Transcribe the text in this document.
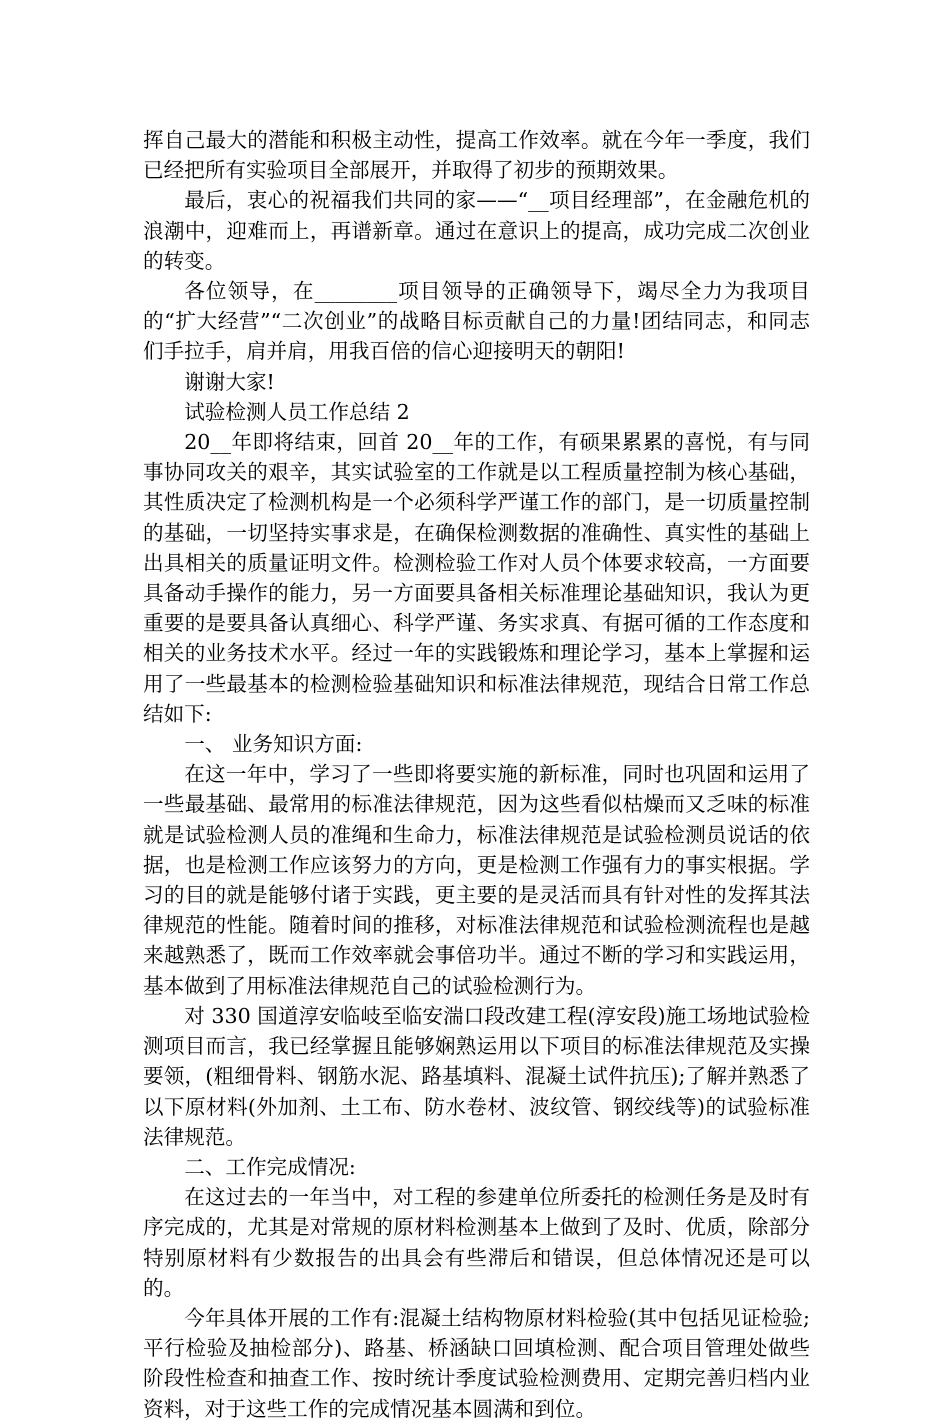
挥自己最大的潜能和积极主动性，提高工作效率。就在今年一季度，我们已经把所有实验项目全部展开，并取得了初步的预期效果。

最后，衷心的祝福我们共同的家——“__项目经理部”，在金融危机的浪潮中，迎难而上，再谱新章。通过在意识上的提高，成功完成二次创业的转变。

各位领导，在________项目领导的正确领导下，竭尽全力为我项目的“扩大经营”“二次创业”的战略目标贡献自己的力量!团结同志，和同志们手拉手，肩并肩，用我百倍的信心迎接明天的朝阳!

谢谢大家!

试验检测人员工作总结 2

20__年即将结束，回首 20__年的工作，有硕果累累的喜悦，有与同事协同攻关的艰辛，其实试验室的工作就是以工程质量控制为核心基础，其性质决定了检测机构是一个必须科学严谨工作的部门，是一切质量控制的基础，一切坚持实事求是，在确保检测数据的准确性、真实性的基础上出具相关的质量证明文件。检测检验工作对人员个体要求较高，一方面要具备动手操作的能力，另一方面要具备相关标准理论基础知识，我认为更重要的是要具备认真细心、科学严谨、务实求真、有据可循的工作态度和相关的业务技术水平。经过一年的实践锻炼和理论学习，基本上掌握和运用了一些最基本的检测检验基础知识和标准法律规范，现结合日常工作总结如下:

一、 业务知识方面:

在这一年中，学习了一些即将要实施的新标准，同时也巩固和运用了一些最基础、最常用的标准法律规范，因为这些看似枯燥而又乏味的标准就是试验检测人员的准绳和生命力，标准法律规范是试验检测员说话的依据，也是检测工作应该努力的方向，更是检测工作强有力的事实根据。学习的目的就是能够付诸于实践，更主要的是灵活而具有针对性的发挥其法律规范的性能。随着时间的推移，对标准法律规范和试验检测流程也是越来越熟悉了，既而工作效率就会事倍功半。通过不断的学习和实践运用，基本做到了用标准法律规范自己的试验检测行为。

对 330 国道淳安临岐至临安湍口段改建工程(淳安段)施工场地试验检测项目而言，我已经掌握且能够娴熟运用以下项目的标准法律规范及实操要领，(粗细骨料、钢筋水泥、路基填料、混凝土试件抗压);了解并熟悉了以下原材料(外加剂、土工布、防水卷材、波纹管、钢绞线等)的试验标准法律规范。

二、工作完成情况:

在这过去的一年当中，对工程的参建单位所委托的检测任务是及时有序完成的，尤其是对常规的原材料检测基本上做到了及时、优质，除部分特别原材料有少数报告的出具会有些滞后和错误，但总体情况还是可以的。

今年具体开展的工作有:混凝土结构物原材料检验(其中包括见证检验;平行检验及抽检部分)、路基、桥涵缺口回填检测、配合项目管理处做些阶段性检查和抽查工作、按时统计季度试验检测费用、定期完善归档内业资料，对于这些工作的完成情况基本圆满和到位。
